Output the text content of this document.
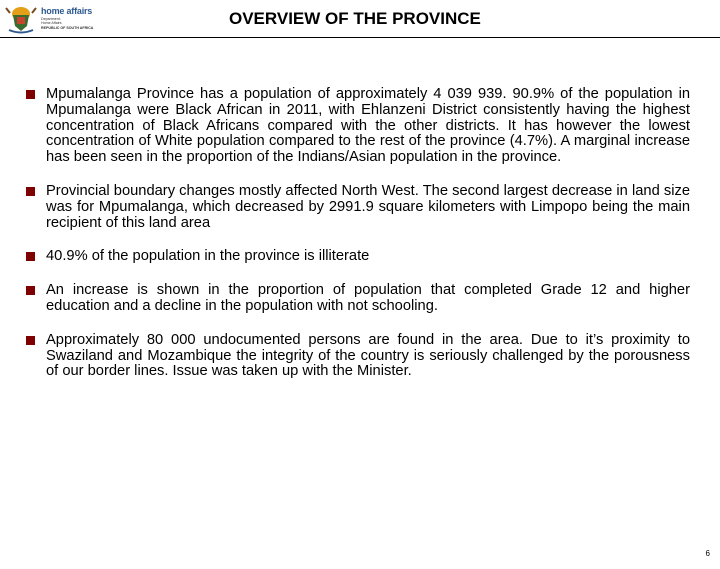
home affairs
Department:
Home Affairs
REPUBLIC OF SOUTH AFRICA	OVERVIEW OF THE PROVINCE
Mpumalanga Province has a population of approximately 4 039 939. 90.9% of the population in Mpumalanga were Black African in 2011, with Ehlanzeni District consistently having the highest concentration of Black Africans compared with the other districts. It has however the lowest concentration of White population compared to the rest of the province (4.7%). A marginal increase has been seen in the proportion of the Indians/Asian population in the province.
Provincial boundary changes mostly affected North West. The second largest decrease in land size was for Mpumalanga, which decreased by 2991.9 square kilometers with Limpopo being the main recipient of this land area
40.9% of the population in the province is illiterate
An increase is shown in the proportion of population that completed Grade 12 and higher education and a decline in the population with not schooling.
Approximately 80 000 undocumented persons are found in the area. Due to it’s proximity to Swaziland and Mozambique the integrity of the country is seriously challenged by the porousness of our border lines. Issue was taken up with the Minister.
6
